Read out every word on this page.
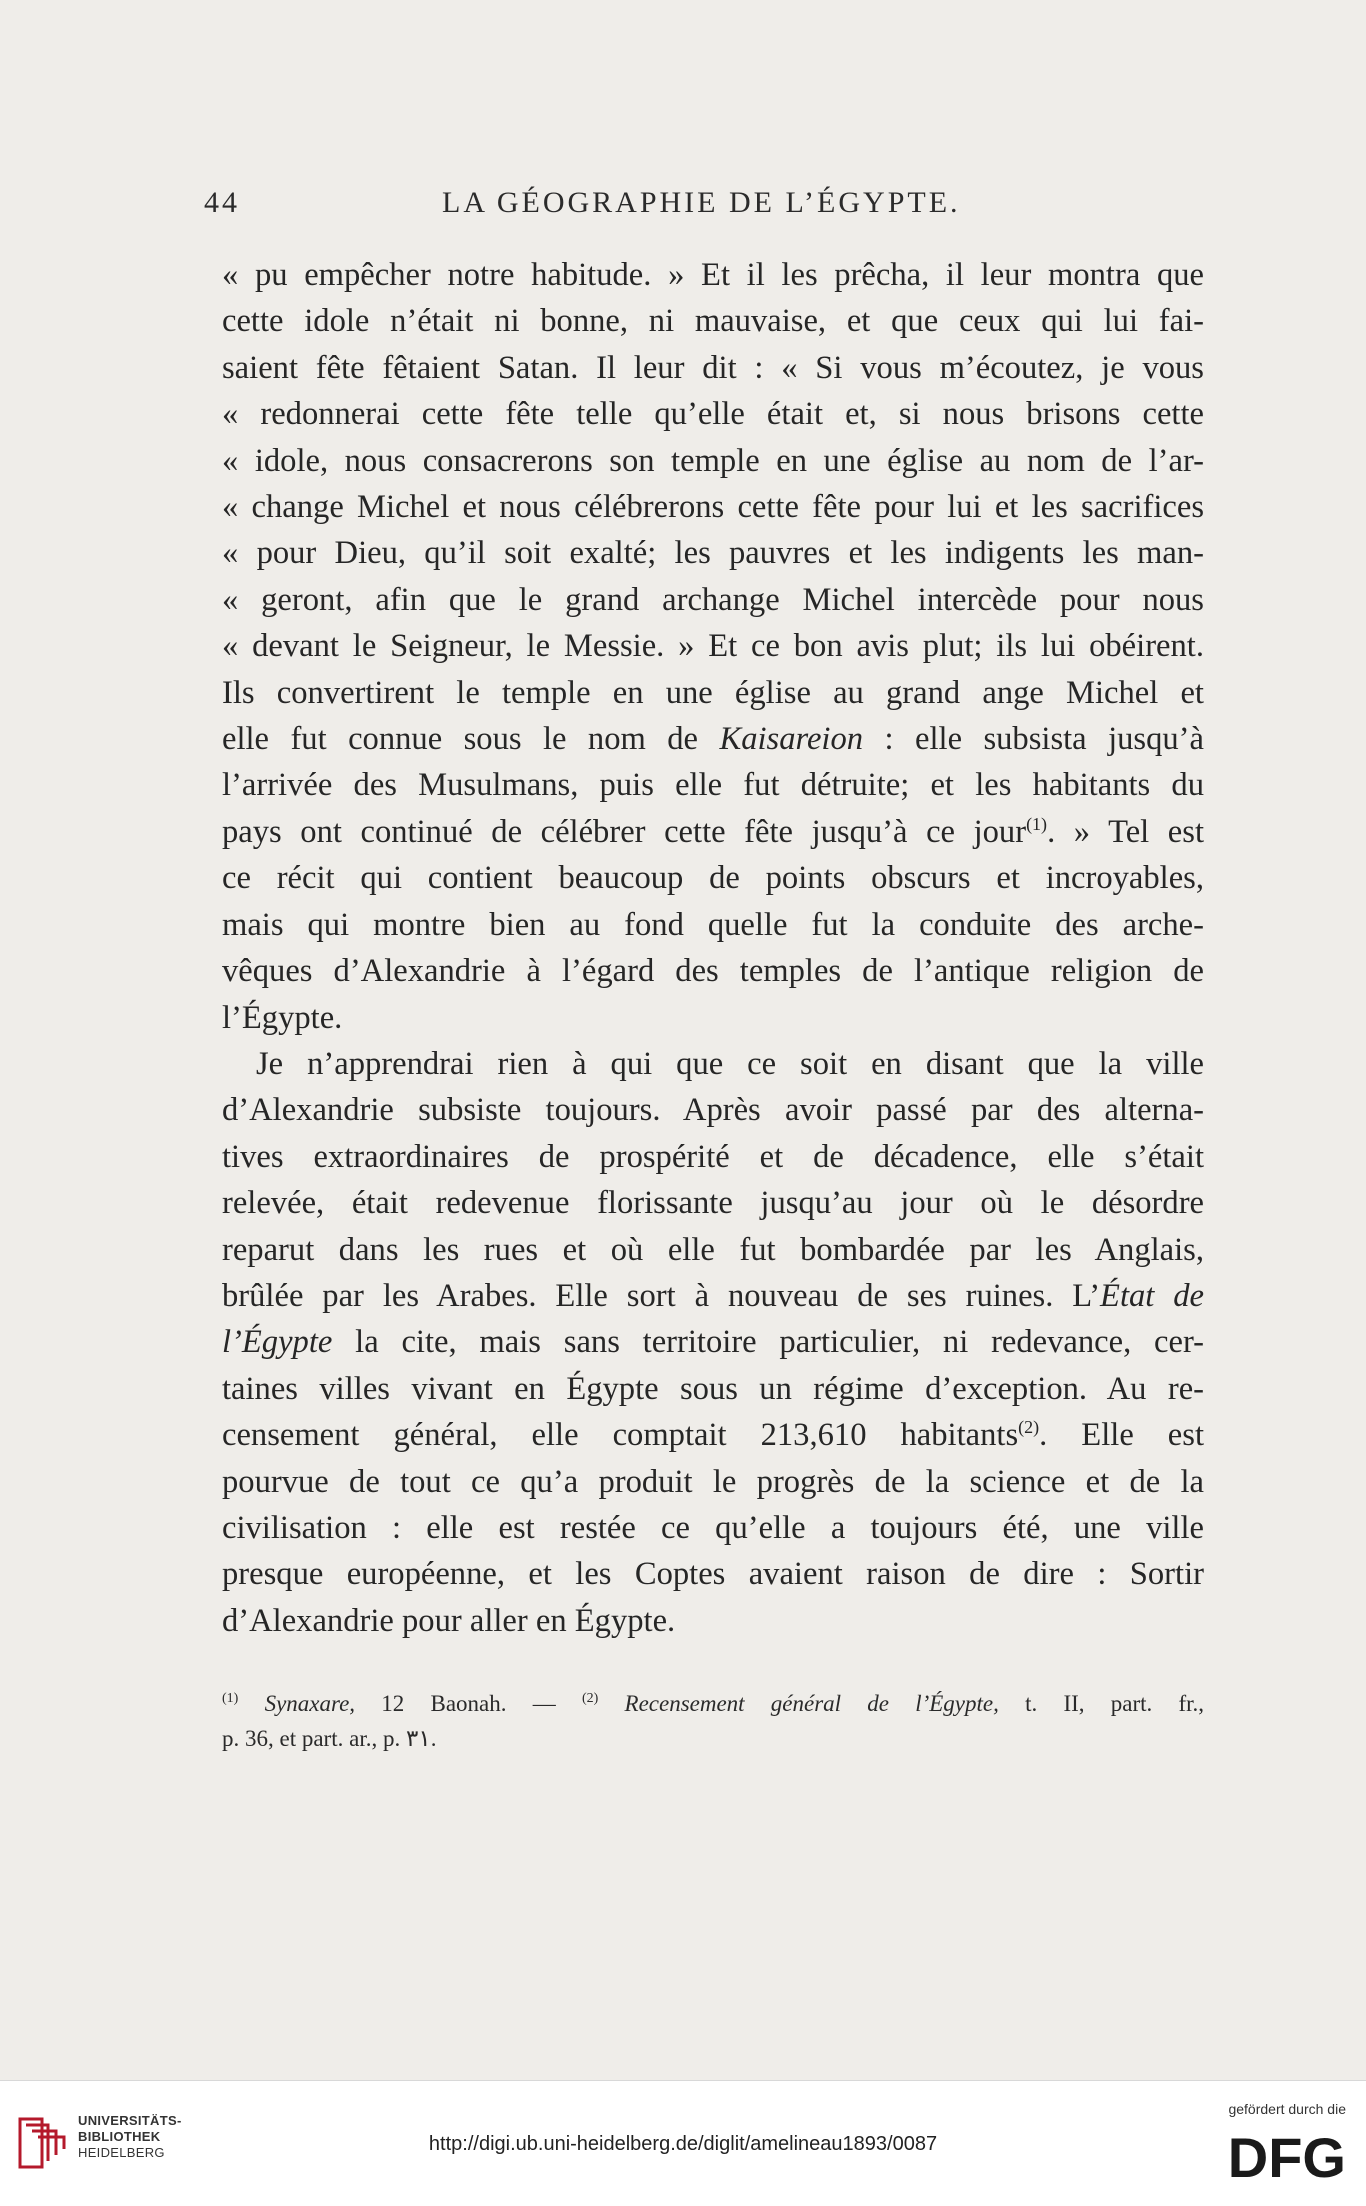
44	LA GÉOGRAPHIE DE L’ÉGYPTE.
« pu empêcher notre habitude. » Et il les prêcha, il leur montra que
cette idole n’était ni bonne, ni mauvaise, et que ceux qui lui fai-
saient fête fêtaient Satan. Il leur dit : « Si vous m’écoutez, je vous
« redonnerai cette fête telle qu’elle était et, si nous brisons cette
« idole, nous consacrerons son temple en une église au nom de l’ar-
« change Michel et nous célébrerons cette fête pour lui et les sacrifices
« pour Dieu, qu’il soit exalté; les pauvres et les indigents les man-
« geront, afin que le grand archange Michel intercède pour nous
« devant le Seigneur, le Messie. » Et ce bon avis plut; ils lui obéirent.
Ils convertirent le temple en une église au grand ange Michel et
elle fut connue sous le nom de Kaisareion : elle subsista jusqu’à
l’arrivée des Musulmans, puis elle fut détruite; et les habitants du
pays ont continué de célébrer cette fête jusqu’à ce jour$^{(1)}$. » Tel est
ce récit qui contient beaucoup de points obscurs et incroyables,
mais qui montre bien au fond quelle fut la conduite des arche-
vêques d’Alexandrie à l’égard des temples de l’antique religion de
l’Égypte.
Je n’apprendrai rien à qui que ce soit en disant que la ville
d’Alexandrie subsiste toujours. Après avoir passé par des alterna-
tives extraordinaires de prospérité et de décadence, elle s’était
relevée, était redevenue florissante jusqu’au jour où le désordre
reparut dans les rues et où elle fut bombardée par les Anglais,
brûlée par les Arabes. Elle sort à nouveau de ses ruines. L’État de
l’Égypte la cite, mais sans territoire particulier, ni redevance, cer-
taines villes vivant en Égypte sous un régime d’exception. Au re-
censement général, elle comptait 213,610 habitants$^{(2)}$. Elle est
pourvue de tout ce qu’a produit le progrès de la science et de la
civilisation : elle est restée ce qu’elle a toujours été, une ville
presque européenne, et les Coptes avaient raison de dire : Sortir
d’Alexandrie pour aller en Égypte.
$^{(1)}$ Synaxare, 12 Baonah. — $^{(2)}$ Recensement général de l’Égypte, t. II, part. fr.,
p. 36, et part. ar., p. ٣١.
UNIVERSITÄTS-
BIBLIOTHEK
HEIDELBERG	http://digi.ub.uni-heidelberg.de/diglit/amelineau1893/0087
gefördert durch die
DFG
